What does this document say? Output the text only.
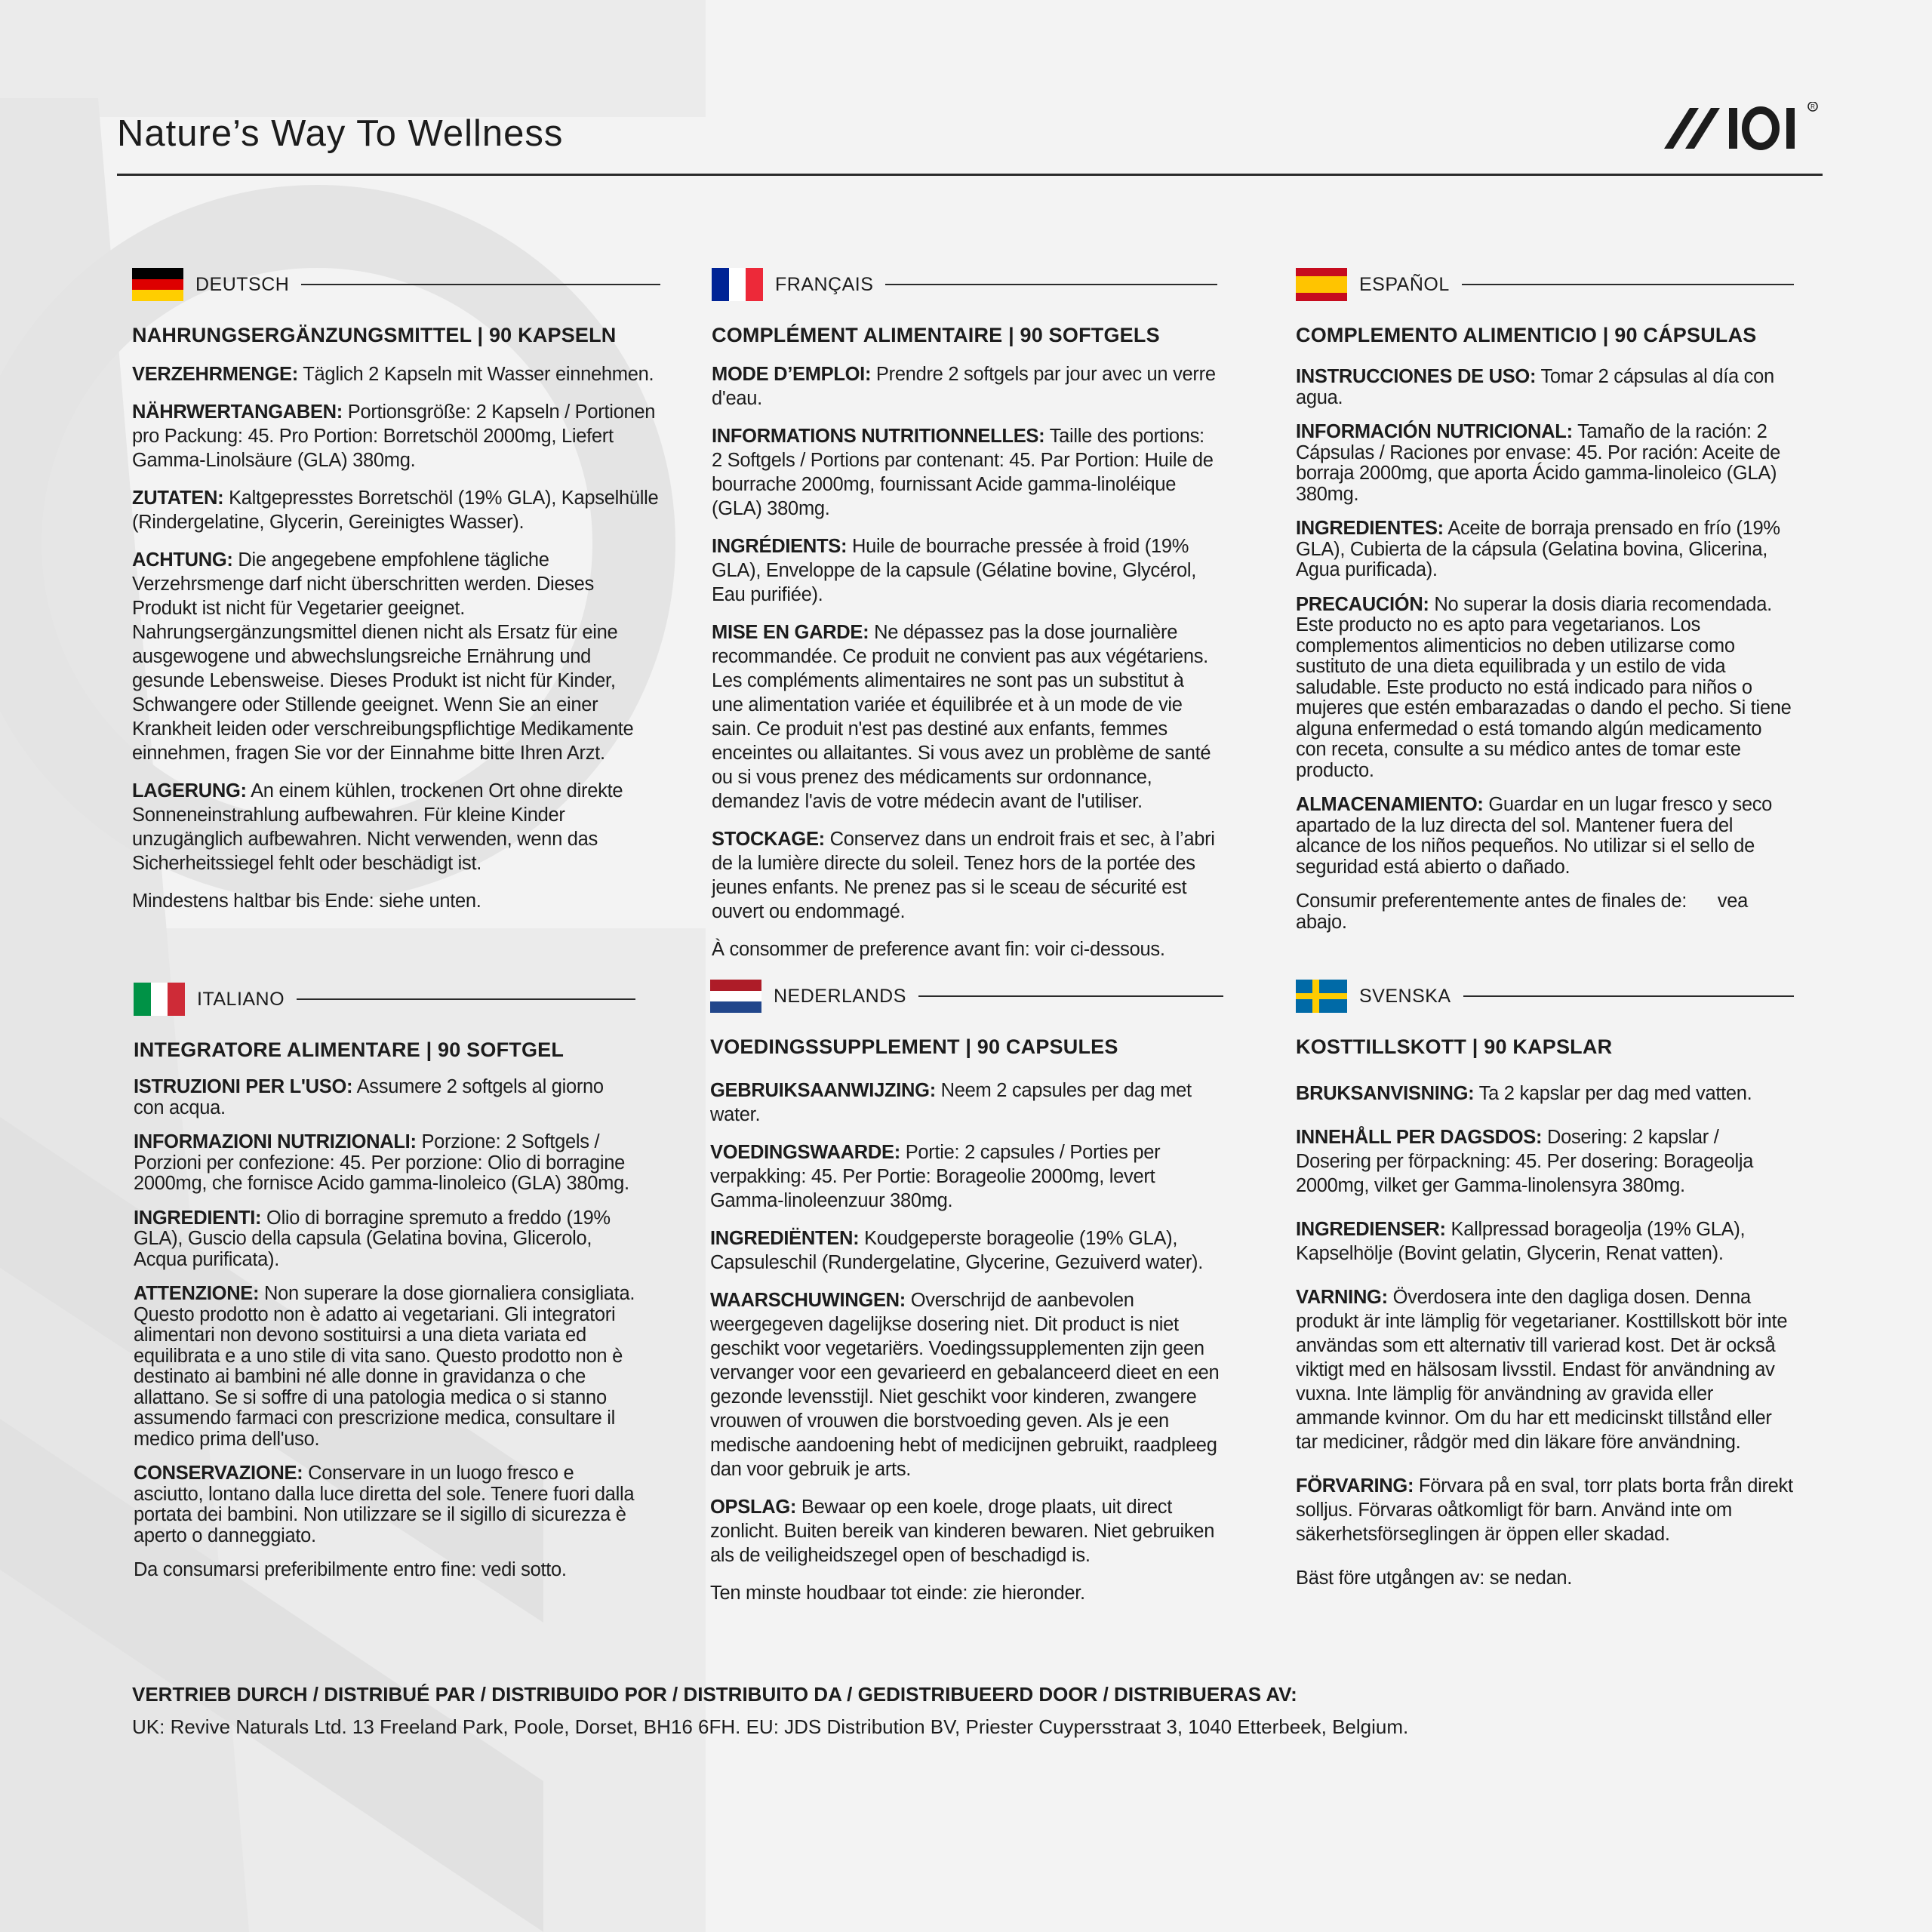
Nature’s Way To Wellness
R
DEUTSCH
NAHRUNGSERGÄNZUNGSMITTEL | 90 KAPSELN

VERZEHRMENGE: Täglich 2 Kapseln mit Wasser einnehmen.

NÄHRWERTANGABEN: Portionsgröße: 2 Kapseln / Portionen pro Packung: 45. Pro Portion: Borretschöl 2000mg, Liefert Gamma-Linolsäure (GLA) 380mg.

ZUTATEN: Kaltgepresstes Borretschöl (19% GLA), Kapselhülle (Rindergelatine, Glycerin, Gereinigtes Wasser).

ACHTUNG: Die angegebene empfohlene tägliche Verzehrsmenge darf nicht überschritten werden. Dieses Produkt ist nicht für Vegetarier geeignet. Nahrungsergänzungsmittel dienen nicht als Ersatz für eine ausgewogene und abwechslungsreiche Ernährung und gesunde Lebensweise. Dieses Produkt ist nicht für Kinder, Schwangere oder Stillende geeignet. Wenn Sie an einer Krankheit leiden oder verschreibungspflichtige Medikamente einnehmen, fragen Sie vor der Einnahme bitte Ihren Arzt.

LAGERUNG: An einem kühlen, trockenen Ort ohne direkte Sonneneinstrahlung aufbewahren. Für kleine Kinder unzugänglich aufbewahren. Nicht verwenden, wenn das Sicherheitssiegel fehlt oder beschädigt ist.

Mindestens haltbar bis Ende: siehe unten.

FRANÇAIS
COMPLÉMENT ALIMENTAIRE | 90 SOFTGELS

MODE D’EMPLOI: Prendre 2 softgels par jour avec un verre d'eau.

INFORMATIONS NUTRITIONNELLES: Taille des portions: 2 Softgels / Portions par contenant: 45. Par Portion: Huile de bourrache 2000mg, fournissant Acide gamma-linoléique (GLA) 380mg.

INGRÉDIENTS: Huile de bourrache pressée à froid (19% GLA), Enveloppe de la capsule (Gélatine bovine, Glycérol, Eau purifiée).

MISE EN GARDE: Ne dépassez pas la dose journalière recommandée. Ce produit ne convient pas aux végétariens. Les compléments alimentaires ne sont pas un substitut à une alimentation variée et équilibrée et à un mode de vie sain. Ce produit n'est pas destiné aux enfants, femmes enceintes ou allaitantes. Si vous avez un problème de santé ou si vous prenez des médicaments sur ordonnance, demandez l'avis de votre médecin avant de l'utiliser.

STOCKAGE: Conservez dans un endroit frais et sec, à l’abri de la lumière directe du soleil. Tenez hors de la portée des jeunes enfants. Ne prenez pas si le sceau de sécurité est ouvert ou endommagé.

À consommer de preference avant fin: voir ci-dessous.

ESPAÑOL
COMPLEMENTO ALIMENTICIO | 90 CÁPSULAS

INSTRUCCIONES DE USO: Tomar 2 cápsulas al día con agua.

INFORMACIÓN NUTRICIONAL: Tamaño de la ración: 2 Cápsulas / Raciones por envase: 45. Por ración: Aceite de borraja 2000mg, que aporta Ácido gamma-linoleico (GLA) 380mg.

INGREDIENTES: Aceite de borraja prensado en frío (19% GLA), Cubierta de la cápsula (Gelatina bovina, Glicerina, Agua purificada).

PRECAUCIÓN: No superar la dosis diaria recomendada. Este producto no es apto para vegetarianos. Los complementos alimenticios no deben utilizarse como sustituto de una dieta equilibrada y un estilo de vida saludable. Este producto no está indicado para niños o mujeres que estén embarazadas o dando el pecho. Si tiene alguna enfermedad o está tomando algún medicamento con receta, consulte a su médico antes de tomar este producto.

ALMACENAMIENTO: Guardar en un lugar fresco y seco apartado de la luz directa del sol. Mantener fuera del alcance de los niños pequeños. No utilizar si el sello de seguridad está abierto o dañado.

Consumir preferentemente antes de finales de:      vea abajo.

ITALIANO
INTEGRATORE ALIMENTARE | 90 SOFTGEL

ISTRUZIONI PER L'USO: Assumere 2 softgels al giorno con acqua.

INFORMAZIONI NUTRIZIONALI: Porzione: 2 Softgels / Porzioni per confezione: 45. Per porzione: Olio di borragine 2000mg, che fornisce Acido gamma-linoleico (GLA) 380mg.

INGREDIENTI: Olio di borragine spremuto a freddo (19% GLA), Guscio della capsula (Gelatina bovina, Glicerolo, Acqua purificata).

ATTENZIONE: Non superare la dose giornaliera consigliata. Questo prodotto non è adatto ai vegetariani. Gli integratori alimentari non devono sostituirsi a una dieta variata ed equilibrata e a uno stile di vita sano. Questo prodotto non è destinato ai bambini né alle donne in gravidanza o che allattano. Se si soffre di una patologia medica o si stanno assumendo farmaci con prescrizione medica, consultare il medico prima dell'uso.

CONSERVAZIONE: Conservare in un luogo fresco e asciutto, lontano dalla luce diretta del sole. Tenere fuori dalla portata dei bambini. Non utilizzare se il sigillo di sicurezza è aperto o danneggiato.

Da consumarsi preferibilmente entro fine: vedi sotto.

NEDERLANDS
VOEDINGSSUPPLEMENT | 90 CAPSULES

GEBRUIKSAANWIJZING: Neem 2 capsules per dag met water.

VOEDINGSWAARDE: Portie: 2 capsules / Porties per verpakking: 45. Per Portie: Borageolie 2000mg, levert Gamma-linoleenzuur 380mg.

INGREDIËNTEN: Koudgeperste borageolie (19% GLA), Capsuleschil (Rundergelatine, Glycerine, Gezuiverd water).

WAARSCHUWINGEN: Overschrijd de aanbevolen weergegeven dagelijkse dosering niet. Dit product is niet geschikt voor vegetariërs. Voedingssupplementen zijn geen vervanger voor een gevarieerd en gebalanceerd dieet en een gezonde levensstijl. Niet geschikt voor kinderen, zwangere vrouwen of vrouwen die borstvoeding geven. Als je een medische aandoening hebt of medicijnen gebruikt, raadpleeg dan voor gebruik je arts.

OPSLAG: Bewaar op een koele, droge plaats, uit direct zonlicht. Buiten bereik van kinderen bewaren. Niet gebruiken als de veiligheidszegel open of beschadigd is.

Ten minste houdbaar tot einde: zie hieronder.

SVENSKA
KOSTTILLSKOTT | 90 KAPSLAR

BRUKSANVISNING: Ta 2 kapslar per dag med vatten.

INNEHÅLL PER DAGSDOS: Dosering: 2 kapslar / Dosering per förpackning: 45. Per dosering: Borageolja 2000mg, vilket ger Gamma-linolensyra 380mg.

INGREDIENSER: Kallpressad borageolja (19% GLA), Kapselhölje (Bovint gelatin, Glycerin, Renat vatten).

VARNING: Överdosera inte den dagliga dosen. Denna produkt är inte lämplig för vegetarianer. Kosttillskott bör inte användas som ett alternativ till varierad kost. Det är också viktigt med en hälsosam livsstil. Endast för användning av vuxna. Inte lämplig för användning av gravida eller ammande kvinnor. Om du har ett medicinskt tillstånd eller tar mediciner, rådgör med din läkare före användning.

FÖRVARING: Förvara på en sval, torr plats borta från direkt solljus. Förvaras oåtkomligt för barn. Använd inte om säkerhetsförseglingen är öppen eller skadad.

Bäst före utgången av: se nedan.

VERTRIEB DURCH / DISTRIBUÉ PAR / DISTRIBUIDO POR / DISTRIBUITO DA / GEDISTRIBUEERD DOOR / DISTRIBUERAS AV:
UK: Revive Naturals Ltd. 13 Freeland Park, Poole, Dorset, BH16 6FH. EU: JDS Distribution BV, Priester Cuypersstraat 3, 1040 Etterbeek, Belgium.
